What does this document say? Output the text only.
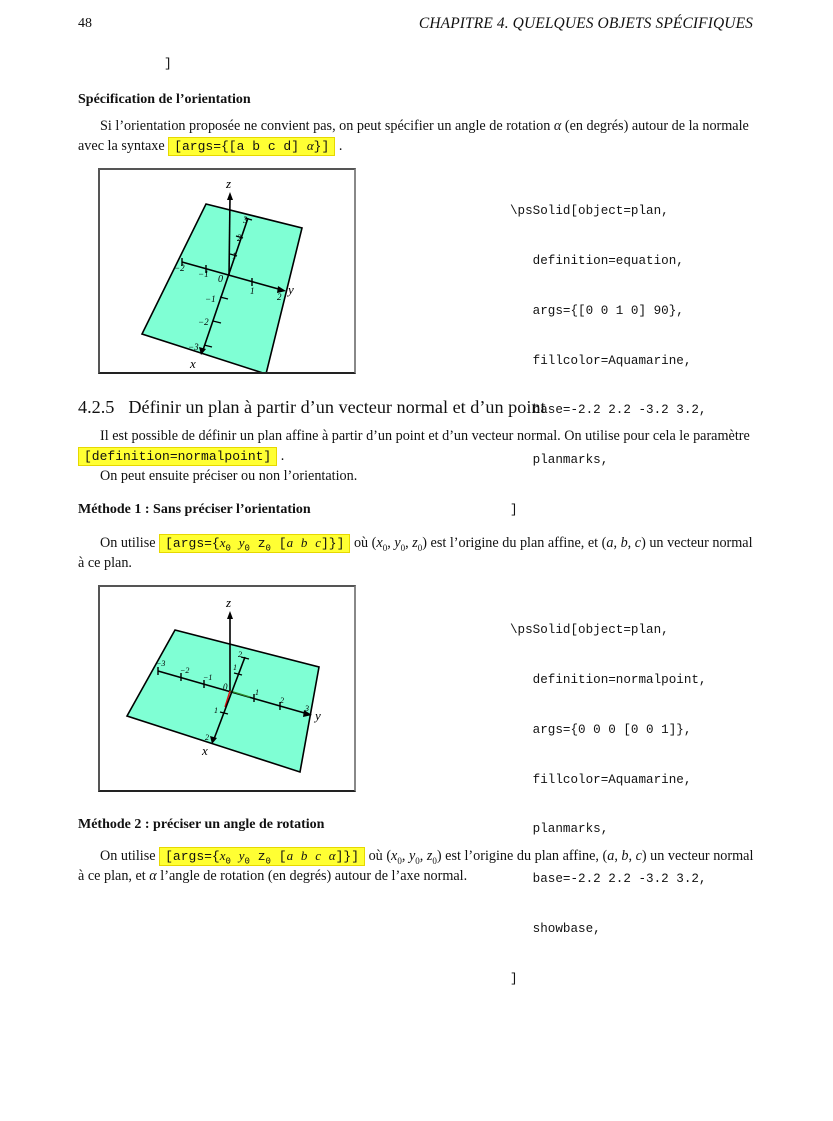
48	CHAPITRE 4. QUELQUES OBJETS SPÉCIFIQUES
]
Spécification de l’orientation
Si l’orientation proposée ne convient pas, on peut spécifier un angle de rotation α (en degrés) autour de la normale
avec la syntaxe [args={[a b c d] α}] .
z
−2
−1
1
2 y
0
1
2
3
−1
−2
−3
x

\psSolid[object=plan,

definition=equation,

args={[0 0 1 0] 90},

fillcolor=Aquamarine,

base=-2.2 2.2 -3.2 3.2,

planmarks,

]

4.2.5 Définir un plan à partir d’un vecteur normal et d’un point
Il est possible de définir un plan affine à partir d’un point et d’un vecteur normal. On utilise pour cela le paramètre
[definition=normalpoint] .
On peut ensuite préciser ou non l’orientation.
Méthode 1 : Sans préciser l’orientation
On utilise [$args=\{x_0$ $y_0$ $z_0$ [a b c]}] où ($x_0$, $y_0$, $z_0$) est l’origine du plan affine, et (a, b, c) un vecteur normal
à ce plan.
z
−3
−2
−1
1
2
3 y
0
1
2
1
2
x

\psSolid[object=plan,

definition=normalpoint,

args={0 0 0 [0 0 1]},

fillcolor=Aquamarine,

planmarks,

base=-2.2 2.2 -3.2 3.2,

showbase,

]

Méthode 2 : préciser un angle de rotation
On utilise [$args=\{x_0$ $y_0$ $z_0$ [a b c α]}] où ($x_0$, $y_0$, $z_0$) est l’origine du plan affine, (a, b, c) un vecteur normal
à ce plan, et α l’angle de rotation (en degrés) autour de l’axe normal.
